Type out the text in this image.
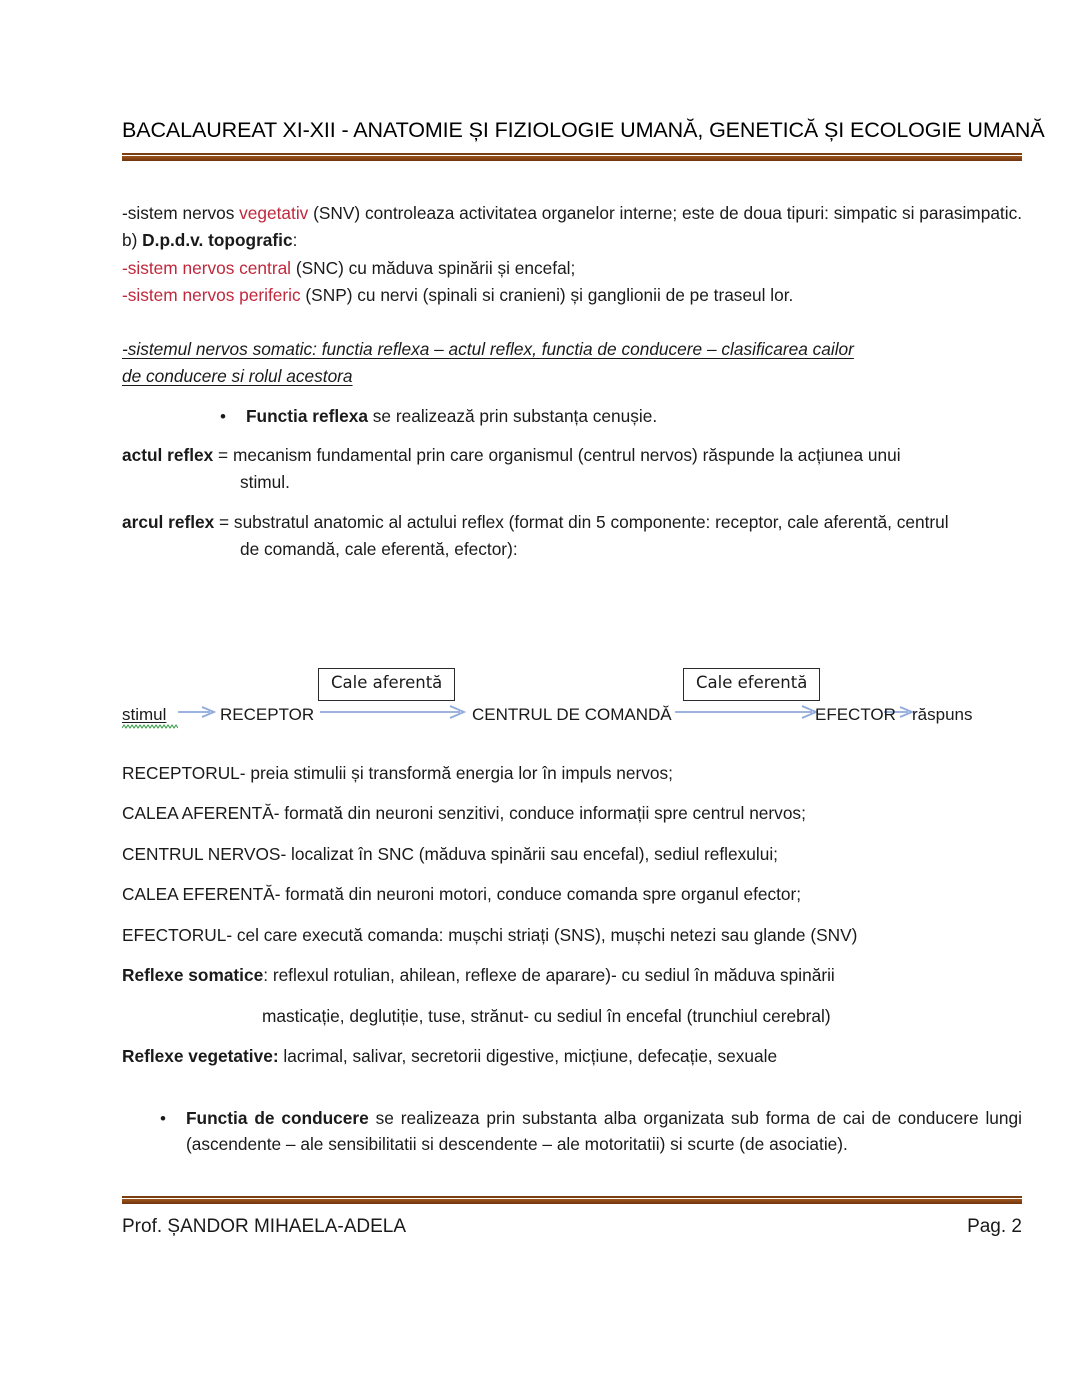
BACALAUREAT XI-XII - ANATOMIE ȘI FIZIOLOGIE UMANĂ, GENETICĂ ȘI ECOLOGIE UMANĂ
-sistem nervos vegetativ (SNV) controleaza activitatea organelor interne; este de doua tipuri: simpatic si parasimpatic.
b) D.p.d.v. topografic:
-sistem nervos central (SNC) cu măduva spinării și encefal;
-sistem nervos periferic (SNP) cu nervi (spinali si cranieni) și ganglionii de pe traseul lor.
-sistemul nervos somatic: functia reflexa – actul reflex, functia de conducere – clasificarea cailor
de conducere si rolul acestora
•	Functia reflexa se realizează prin substanța cenușie.
actul reflex = mecanism fundamental prin care organismul (centrul nervos) răspunde la acțiunea unui
stimul.
arcul reflex = substratul anatomic al actului reflex (format din 5 componente: receptor, cale aferentă, centrul
de comandă, cale eferentă, efector):
Cale aferentă	Cale eferentă
stimul	RECEPTOR	CENTRUL DE COMANDĂ	EFECTOR răspuns
RECEPTORUL- preia stimulii și transformă energia lor în impuls nervos;
CALEA AFERENTĂ- formată din neuroni senzitivi, conduce informații spre centrul nervos;
CENTRUL NERVOS- localizat în SNC (măduva spinării sau encefal), sediul reflexului;
CALEA EFERENTĂ- formată din neuroni motori, conduce comanda spre organul efector;
EFECTORUL- cel care execută comanda: mușchi striați (SNS), mușchi netezi sau glande (SNV)
Reflexe somatice: reflexul rotulian, ahilean, reflexe de aparare)- cu sediul în măduva spinării
masticație, deglutiție, tuse, strănut- cu sediul în encefal (trunchiul cerebral)
Reflexe vegetative: lacrimal, salivar, secretorii digestive, micțiune, defecație, sexuale
•	Functia de conducere se realizeaza prin substanta alba organizata sub forma de cai de conducere lungi (ascendente – ale sensibilitatii si descendente – ale motoritatii) si scurte (de asociatie).
Prof. ȘANDOR MIHAELA-ADELA	Pag. 2
